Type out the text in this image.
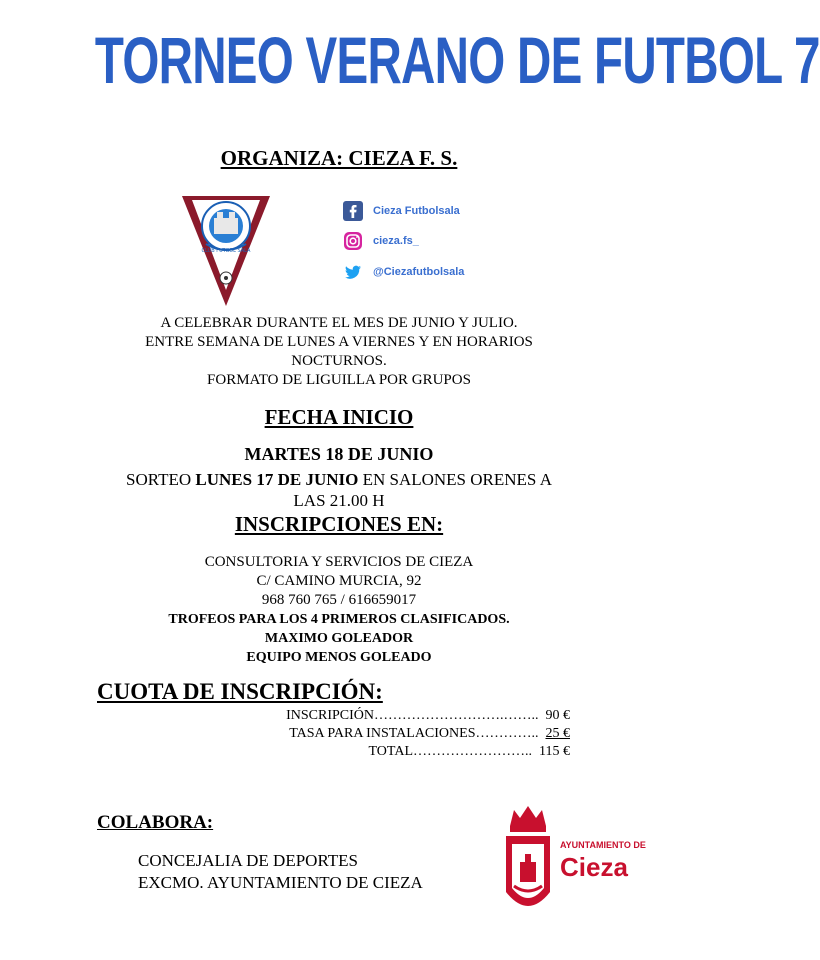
TORNEO VERANO DE FUTBOL 7
ORGANIZA: CIEZA F. S.
CLUB FUTBOL SALA
Cieza Futbolsala
cieza.fs_
@Ciezafutbolsala
A CELEBRAR DURANTE EL MES DE JUNIO Y JULIO.
ENTRE SEMANA DE LUNES A VIERNES Y EN HORARIOS
NOCTURNOS.
FORMATO DE LIGUILLA POR GRUPOS
FECHA INICIO
MARTES 18 DE JUNIO
SORTEO LUNES 17 DE JUNIO EN SALONES ORENES A
LAS 21.00 H
INSCRIPCIONES EN:
CONSULTORIA Y SERVICIOS DE CIEZA
C/ CAMINO MURCIA, 92
968 760 765 / 616659017
TROFEOS PARA LOS 4 PRIMEROS CLASIFICADOS.
MAXIMO GOLEADOR
EQUIPO MENOS GOLEADO
CUOTA DE INSCRIPCIÓN:
INSCRIPCIÓN……………………….…….. 90 €
TASA PARA INSTALACIONES………….. 25 €
TOTAL…………………….. 115 €
COLABORA:
CONCEJALIA DE DEPORTES
EXCMO. AYUNTAMIENTO DE CIEZA
AYUNTAMIENTO DE
Cieza
